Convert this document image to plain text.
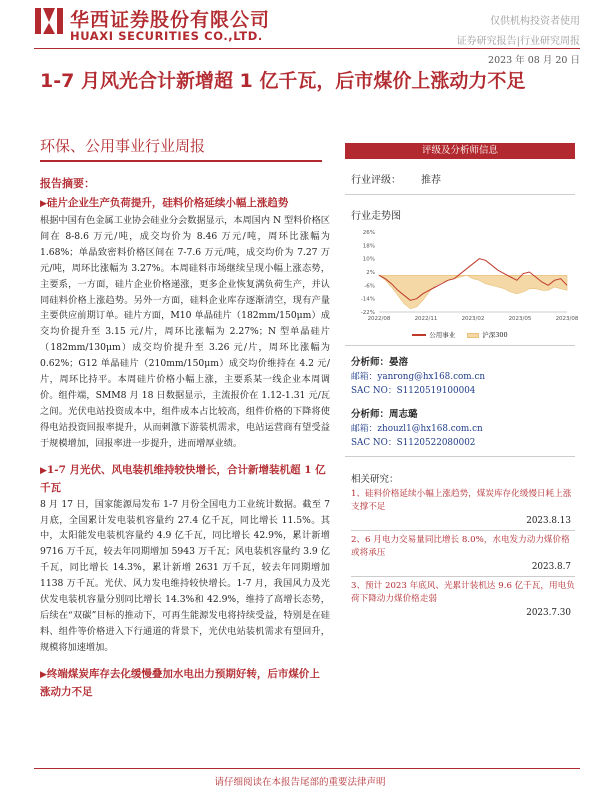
华西证券股份有限公司
HUAXI SECURITIES CO.,LTD.
仅供机构投资者使用
证券研究报告|行业研究周报
2023 年 08 月 20 日
1-7 月风光合计新增超 1 亿千瓦，后市煤价上涨动力不足
环保、公用事业行业周报
报告摘要：
▶硅片企业生产负荷提升，硅料价格延续小幅上涨趋势
根据中国有色金属工业协会硅业分会数据显示，本周国内 N 型料价格区间在 8-8.6 万元/吨，成交均价为 8.46 万元/吨，周环比涨幅为 1.68%；单晶致密料价格区间在 7-7.6 万元/吨，成交均价为 7.27 万元/吨，周环比涨幅为 3.27%。本周硅料市场继续呈现小幅上涨态势，主要系，一方面，硅片企业价格递涨，更多企业恢复满负荷生产，并认同硅料价格上涨趋势。另外一方面，硅料企业库存逐渐清空，现有产量主要供应前期订单。硅片方面，M10 单晶硅片（182mm/150μm）成交均价提升至 3.15 元/片，周环比涨幅为 2.27%；N 型单晶硅片（182mm/130μm）成交均价提升至 3.26 元/片，周环比涨幅为 0.62%；G12 单晶硅片（210mm/150μm）成交均价维持在 4.2 元/片，周环比持平。本周硅片价格小幅上涨，主要系某一线企业本周调价。组件端，SMM8 月 18 日数据显示，主流报价在 1.12-1.31 元/瓦之间。光伏电站投资成本中，组件成本占比较高，组件价格的下降将使得电站投资回报率提升，从而刺激下游装机需求，电站运营商有望受益于规模增加，回报率进一步提升，进而增厚业绩。
▶1-7 月光伏、风电装机维持较快增长，合计新增装机超 1 亿千瓦
8 月 17 日，国家能源局发布 1-7 月份全国电力工业统计数据。截至 7 月底，全国累计发电装机容量约 27.4 亿千瓦，同比增长 11.5%。其中，太阳能发电装机容量约 4.9 亿千瓦，同比增长 42.9%，累计新增 9716 万千瓦，较去年同期增加 5943 万千瓦；风电装机容量约 3.9 亿千瓦，同比增长 14.3%，累计新增 2631 万千瓦，较去年同期增加 1138 万千瓦。光伏、风力发电维持较快增长。1-7 月，我国风力及光伏发电装机容量分别同比增长 14.3%和 42.9%，维持了高增长态势，后续在“双碳”目标的推动下，可再生能源发电将持续受益，特别是在硅料、组件等价格进入下行通道的背景下，光伏电站装机需求有望回升，规模将加速增加。
▶终端煤炭库存去化缓慢叠加水电出力预期好转，后市煤价上涨动力不足
评级及分析师信息
行业评级：	推荐
行业走势图
26%
18%
10%
2%
-6%
-14%
-22%
2022/08	2022/11	2023/02	2023/05	2023/08
公用事业	沪深300
分析师：晏溶
邮箱：yanrong@hx168.com.cn
SAC NO：S1120519100004
分析师：周志璐
邮箱：zhouzl1@hx168.com.cn
SAC NO：S1120522080002
相关研究：
1、硅料价格延续小幅上涨趋势，煤炭库存化缓慢日耗上涨支撑不足
2023.8.13
2、6 月电力交易量同比增长 8.0%，水电发力动力煤价格或将承压
2023.8.7
3、预计 2023 年底风、光累计装机达 9.6 亿千瓦，用电负荷下降动力煤价格走弱
2023.7.30
请仔细阅读在本报告尾部的重要法律声明
